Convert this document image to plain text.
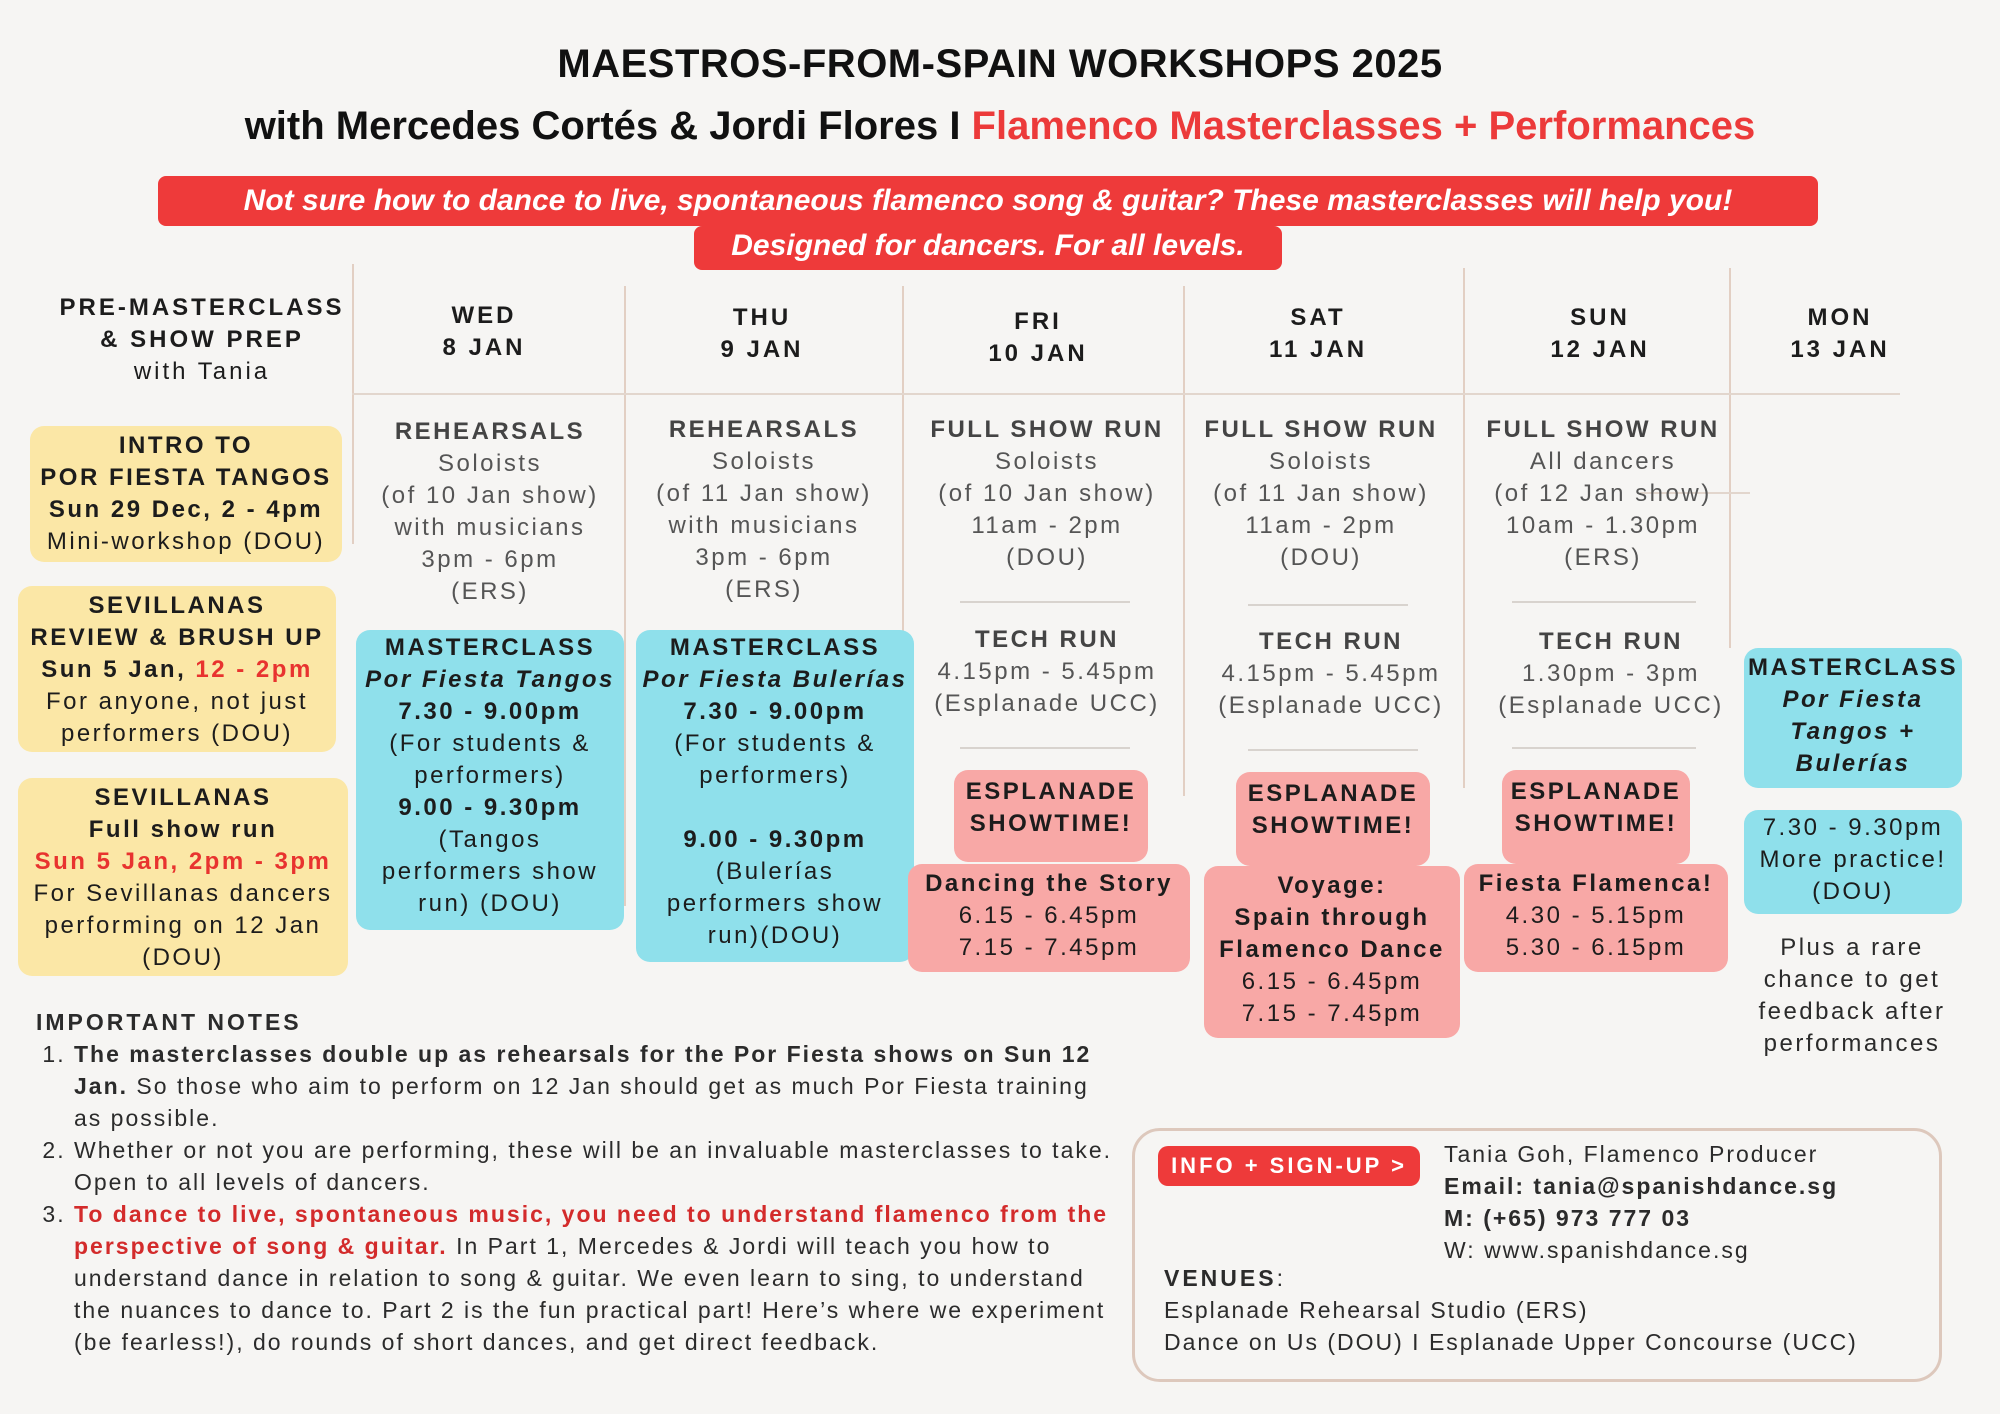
MAESTROS-FROM-SPAIN WORKSHOPS 2025
with Mercedes Cortés & Jordi Flores I Flamenco Masterclasses + Performances
Not sure how to dance to live, spontaneous flamenco song & guitar? These masterclasses will help you!
Designed for dancers. For all levels.
PRE-MASTERCLASS
& SHOW PREP
with Tania
WED
8 JAN
THU
9 JAN
FRI
10 JAN
SAT
11 JAN
SUN
12 JAN
MON
13 JAN
INTRO TO
POR FIESTA TANGOS
Sun 29 Dec, 2 - 4pm
Mini-workshop (DOU)
SEVILLANAS
REVIEW & BRUSH UP
Sun 5 Jan, 12 - 2pm
For anyone, not just
performers (DOU)
SEVILLANAS
Full show run
Sun 5 Jan, 2pm - 3pm
For Sevillanas dancers
performing on 12 Jan
(DOU)
REHEARSALS
Soloists
(of 10 Jan show)
with musicians
3pm - 6pm
(ERS)
MASTERCLASS
Por Fiesta Tangos
7.30 - 9.00pm
(For students &
performers)
9.00 - 9.30pm
(Tangos
performers show
run) (DOU)
REHEARSALS
Soloists
(of 11 Jan show)
with musicians
3pm - 6pm
(ERS)
MASTERCLASS
Por Fiesta Bulerías
7.30 - 9.00pm
(For students &
performers)
9.00 - 9.30pm
(Bulerías
performers show
run)(DOU)
FULL SHOW RUN
Soloists
(of 10 Jan show)
11am - 2pm
(DOU)
TECH RUN
4.15pm - 5.45pm
(Esplanade UCC)
ESPLANADE
SHOWTIME!
Dancing the Story
6.15 - 6.45pm
7.15 - 7.45pm
FULL SHOW RUN
Soloists
(of 11 Jan show)
11am - 2pm
(DOU)
TECH RUN
4.15pm - 5.45pm
(Esplanade UCC)
ESPLANADE
SHOWTIME!
Voyage:
Spain through
Flamenco Dance
6.15 - 6.45pm
7.15 - 7.45pm
FULL SHOW RUN
All dancers
(of 12 Jan show)
10am - 1.30pm
(ERS)
TECH RUN
1.30pm - 3pm
(Esplanade UCC)
ESPLANADE
SHOWTIME!
Fiesta Flamenca!
4.30 - 5.15pm
5.30 - 6.15pm
MASTERCLASS
Por Fiesta
Tangos +
Bulerías
7.30 - 9.30pm
More practice!
(DOU)
Plus a rare
chance to get
feedback after
performances
IMPORTANT NOTES
1. The masterclasses double up as rehearsals for the Por Fiesta shows on Sun 12 Jan. So those who aim to perform on 12 Jan should get as much Por Fiesta training as possible.
2. Whether or not you are performing, these will be an invaluable masterclasses to take. Open to all levels of dancers.
3. To dance to live, spontaneous music, you need to understand flamenco from the perspective of song & guitar. In Part 1, Mercedes & Jordi will teach you how to understand dance in relation to song & guitar. We even learn to sing, to understand the nuances to dance to. Part 2 is the fun practical part! Here’s where we experiment (be fearless!), do rounds of short dances, and get direct feedback.
INFO + SIGN-UP >	Tania Goh, Flamenco Producer
Email: tania@spanishdance.sg
M: (+65) 973 777 03
W: www.spanishdance.sg
VENUES:
Esplanade Rehearsal Studio (ERS)
Dance on Us (DOU) I Esplanade Upper Concourse (UCC)
